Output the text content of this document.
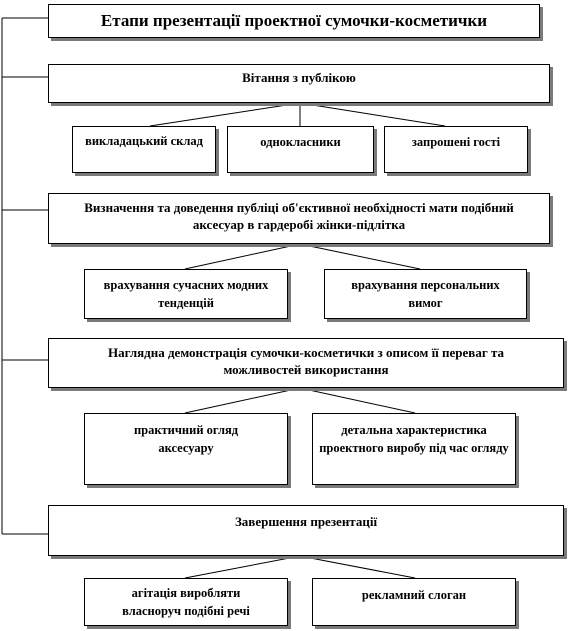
Етапи презентації проектної сумочки-косметички
Вітання з публікою
викладацький склад	однокласники	запрошені гості
Визначення та доведення публіці об'єктивної необхідності мати подібний аксесуар в гардеробі жінки-підлітка
врахування сучасних модних тенденцій
врахування персональних вимог
Наглядна демонстрація сумочки-косметички з описом її переваг та можливостей використання
практичний огляд аксесуару
детальна характеристика проектного виробу під час огляду
Завершення презентації
агітація виробляти власноруч подібні речі
рекламний слоган
